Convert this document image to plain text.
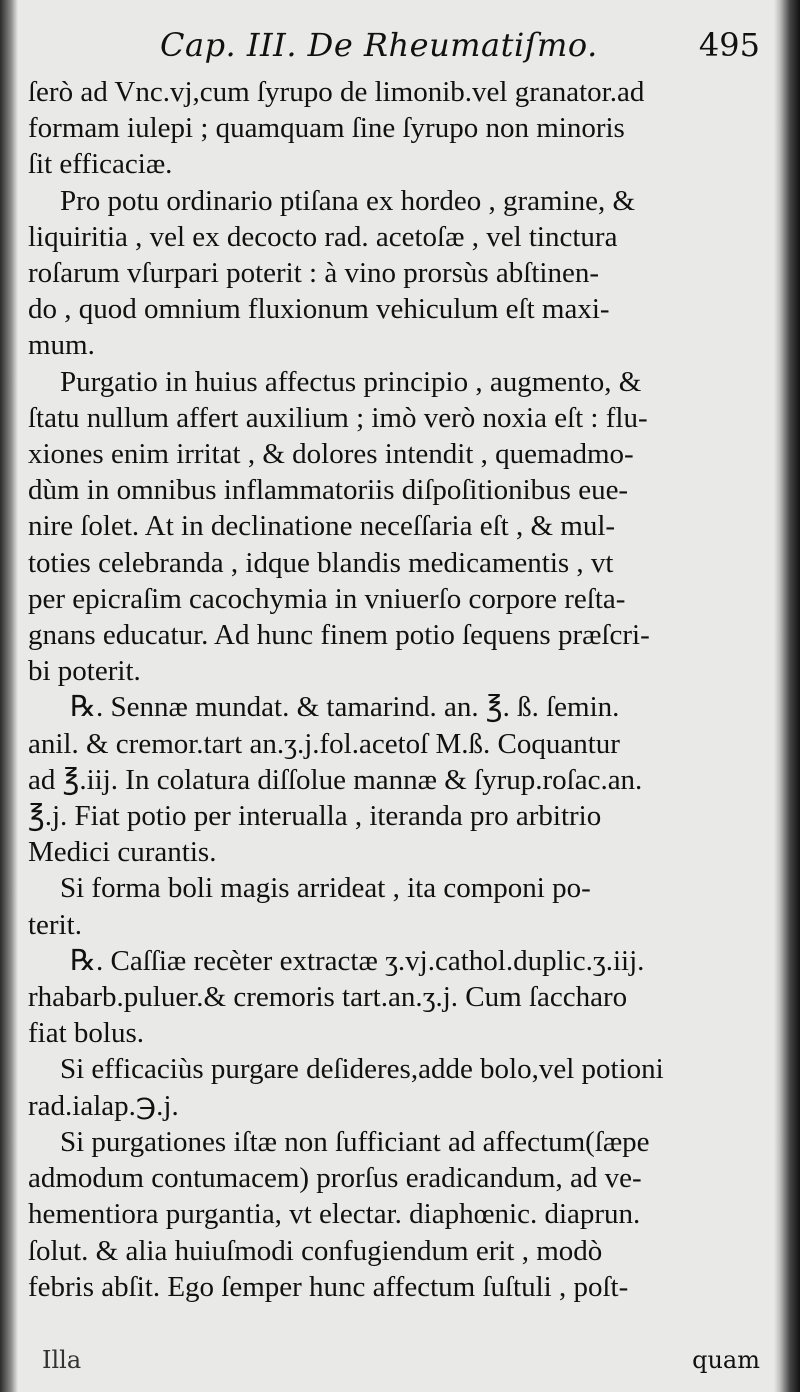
Cap. III. De Rheumatiſmo.	495
ſerò ad Vnc.vj,cum ſyrupo de limonib.vel granator.ad
formam iulepi ; quamquam ſine ſyrupo non minoris
ſit efficaciæ.
Pro potu ordinario ptiſana ex hordeo , gramine, &
liquiritia , vel ex decocto rad. acetoſæ , vel tinctura
roſarum vſurpari poterit : à vino prorsùs abſtinen-
do , quod omnium fluxionum vehiculum eſt maxi-
mum.
Purgatio in huius affectus principio , augmento, &
ſtatu nullum affert auxilium ; imò verò noxia eſt : flu-
xiones enim irritat , & dolores intendit , quemadmo-
dùm in omnibus inflammatoriis diſpoſitionibus eue-
nire ſolet. At in declinatione neceſſaria eſt , & mul-
toties celebranda , idque blandis medicamentis , vt
per epicraſim cacochymia in vniuerſo corpore reſta-
gnans educatur. Ad hunc finem potio ſequens præſcri-
bi poterit.
℞. Sennæ mundat. & tamarind. an. ℥. ß. ſemin.
anil. & cremor.tart an.ʒ.j.fol.acetoſ M.ß. Coquantur
ad ℥.iij. In colatura diſſolue mannæ & ſyrup.roſac.an.
℥.j. Fiat potio per interualla , iteranda pro arbitrio
Medici curantis.
Si forma boli magis arrideat , ita componi po-
terit.
℞. Caſſiæ recèter extractæ ʒ.vj.cathol.duplic.ʒ.iij.
rhabarb.puluer.& cremoris tart.an.ʒ.j. Cum ſaccharo
fiat bolus.
Si efficaciùs purgare deſideres,adde bolo,vel potioni
rad.ialap.℈.j.
Si purgationes iſtæ non ſufficiant ad affectum(ſæpe
admodum contumacem) prorſus eradicandum, ad ve-
hementiora purgantia, vt electar. diaphœnic. diaprun.
ſolut. & alia huiuſmodi confugiendum erit , modò
febris abſit. Ego ſemper hunc affectum ſuſtuli , poſt-
Illa	quam
